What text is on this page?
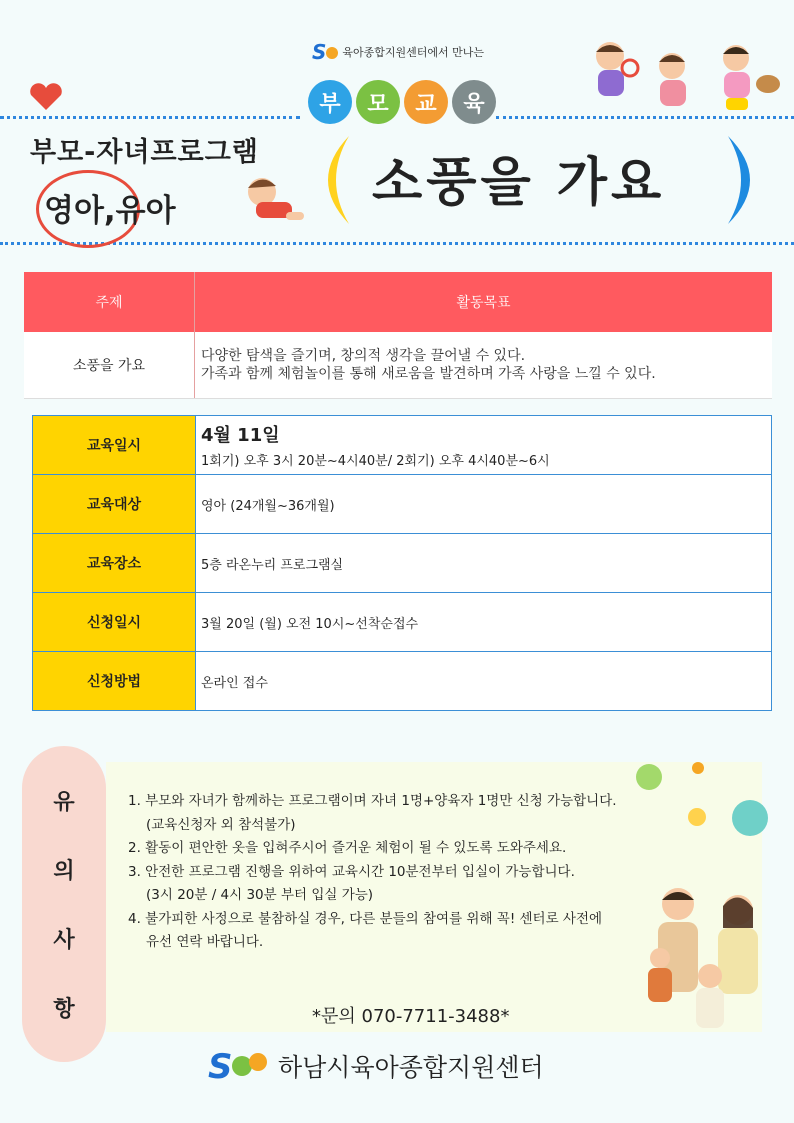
S	육아종합지원센터에서 만나는
부	모	교	육
부모-자녀프로그램
영아,유아	소풍을 가요
주제	활동목표
소풍을 가요	다양한 탐색을 즐기며, 창의적 생각을 끌어낼 수 있다.
가족과 함께 체험놀이를 통해 새로움을 발견하며 가족 사랑을 느낄 수 있다.
교육일시	4월 11일
1회기) 오후 3시 20분~4시40분/ 2회기) 오후 4시40분~6시
교육대상	영아 (24개월~36개월)
교육장소	5층 라온누리 프로그램실
신청일시	3월 20일 (월) 오전 10시~선착순접수
신청방법	온라인 접수
유
의
사
항
1. 부모와 자녀가 함께하는 프로그램이며 자녀 1명+양육자 1명만 신청 가능합니다.
(교육신청자 외 참석불가)
2. 활동이 편안한 옷을 입혀주시어 즐거운 체험이 될 수 있도록 도와주세요.
3. 안전한 프로그램 진행을 위하여 교육시간 10분전부터 입실이 가능합니다.
(3시 20분 / 4시 30분 부터 입실 가능)
4. 불가피한 사정으로 불참하실 경우, 다른 분들의 참여를 위해 꼭! 센터로 사전에
유선 연락 바랍니다.
*문의 070-7711-3488*
S 하남시육아종합지원센터
